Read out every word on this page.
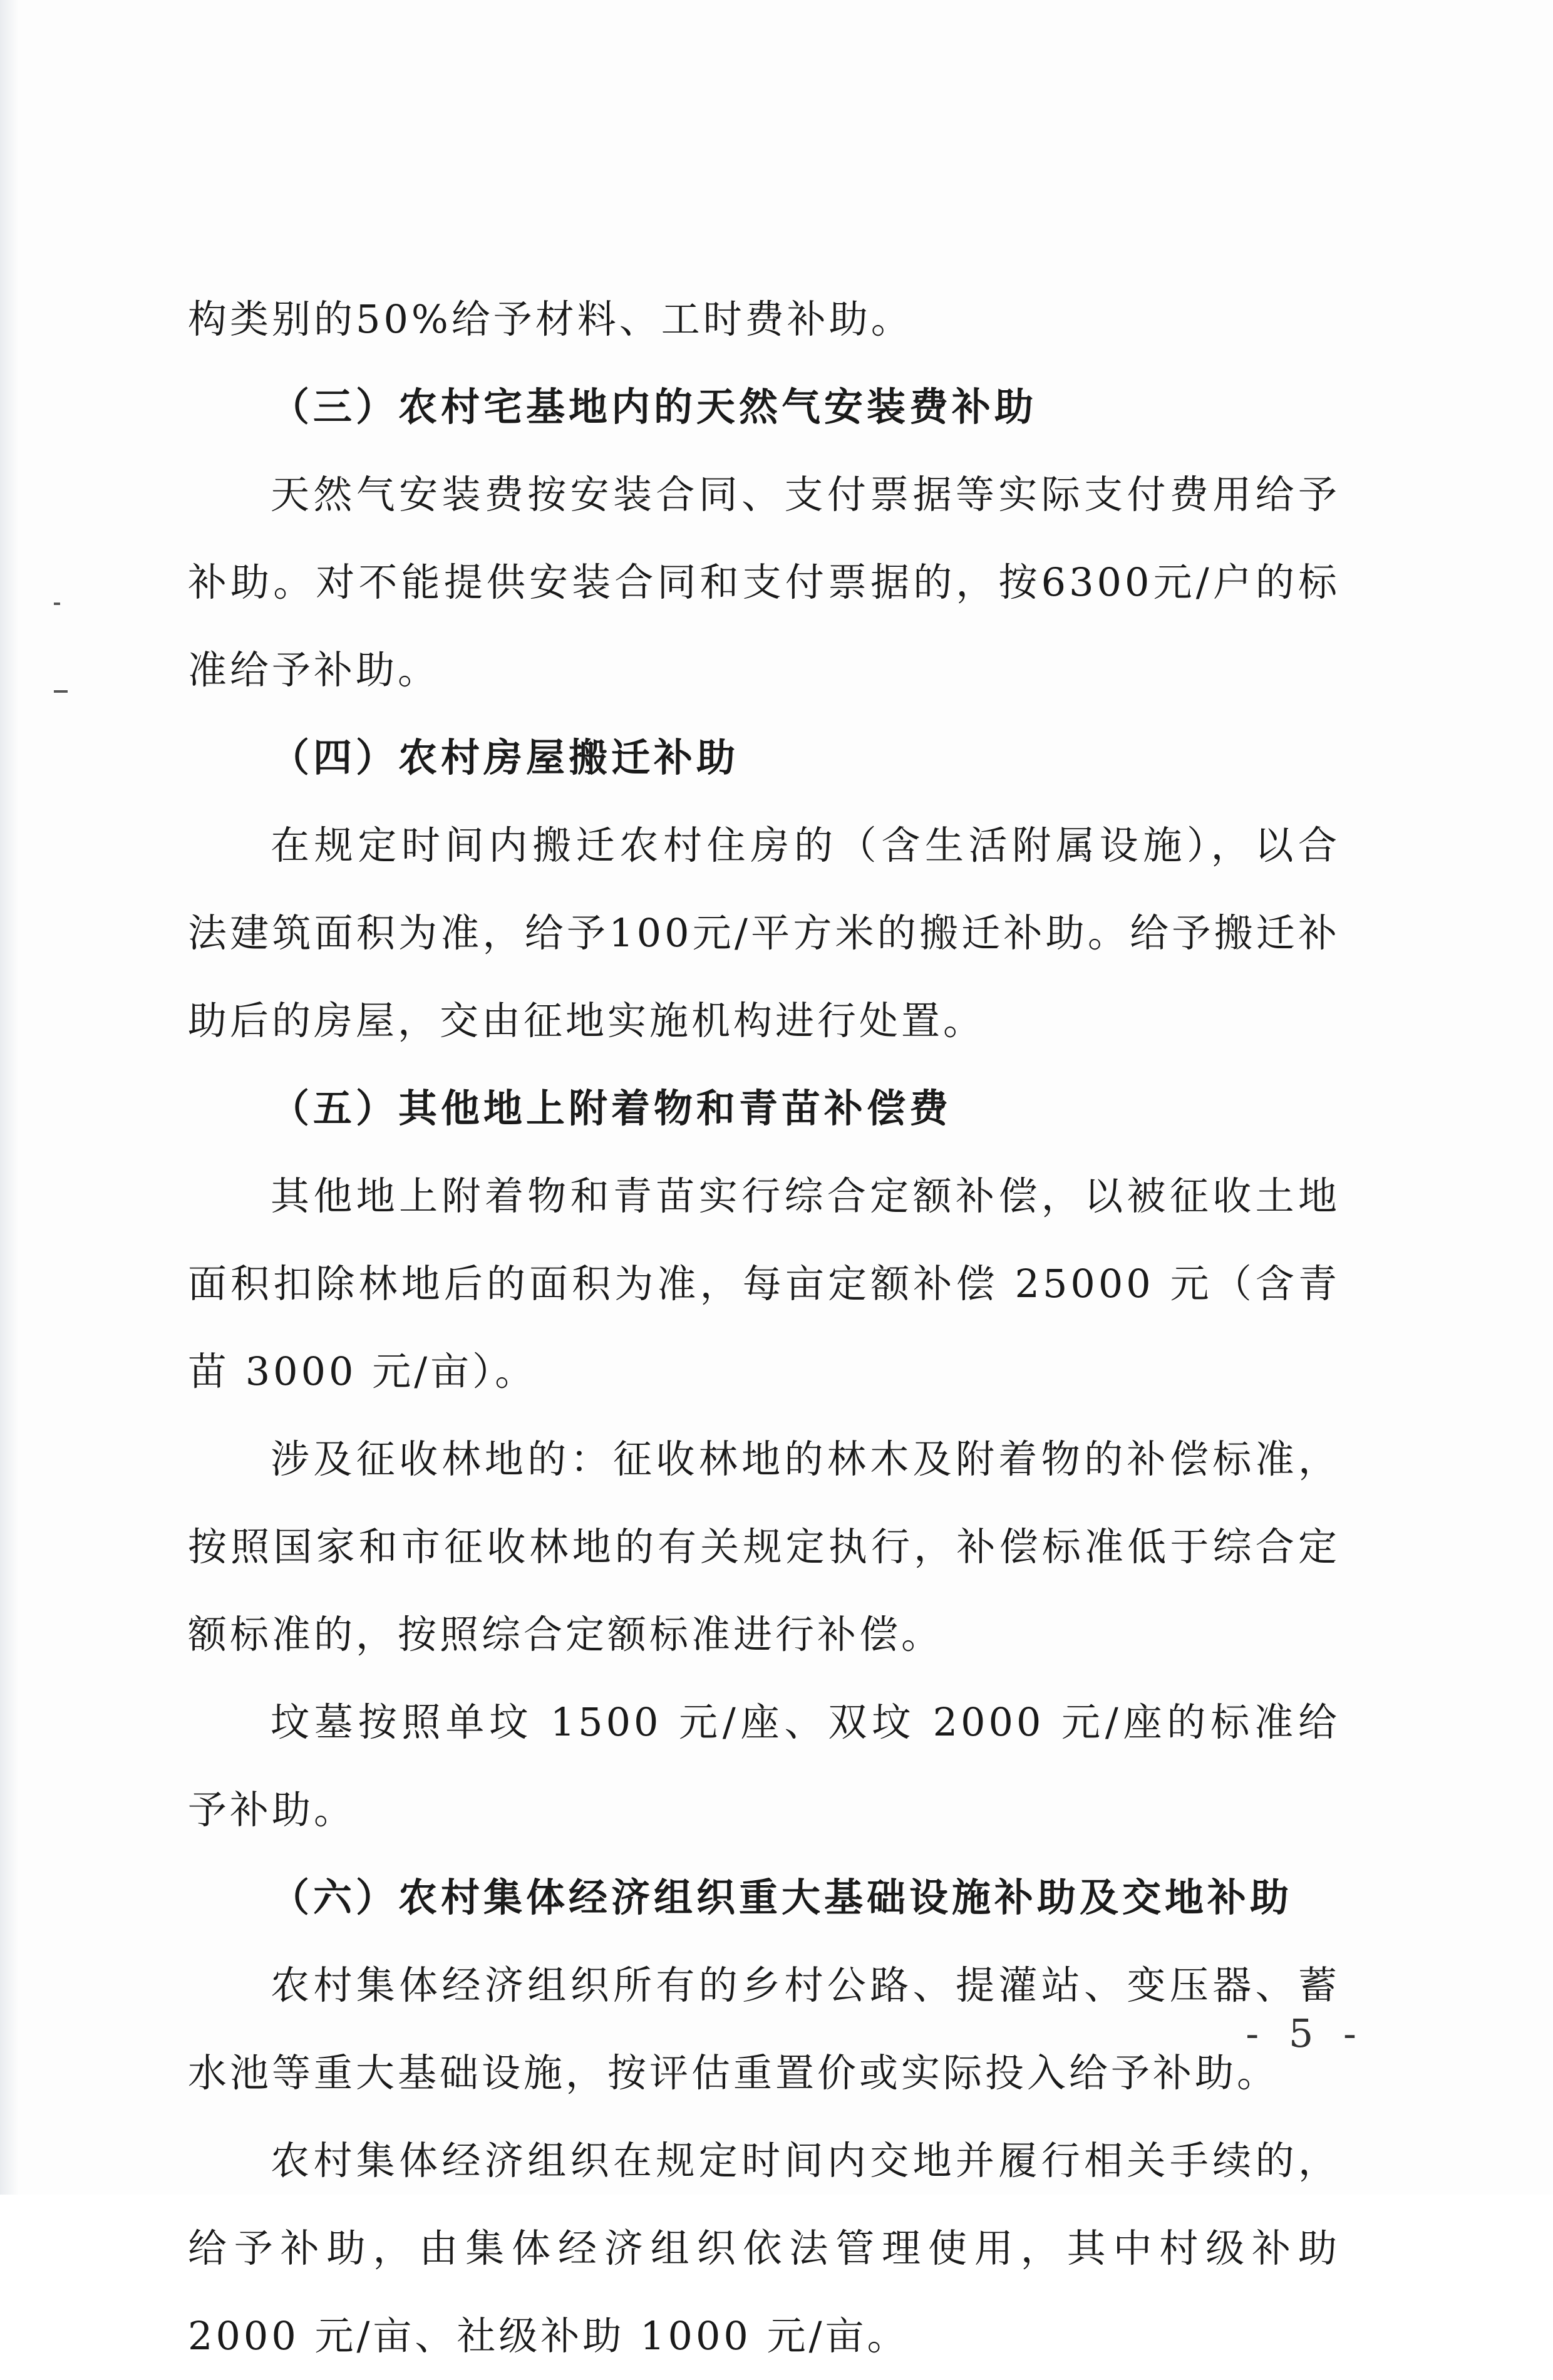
构类别的50%给予材料、工时费补助。

（三）农村宅基地内的天然气安装费补助

天然气安装费按安装合同、支付票据等实际支付费用给予补助。对不能提供安装合同和支付票据的，按6300元/户的标准给予补助。

（四）农村房屋搬迁补助

在规定时间内搬迁农村住房的（含生活附属设施），以合法建筑面积为准，给予100元/平方米的搬迁补助。给予搬迁补助后的房屋，交由征地实施机构进行处置。

（五）其他地上附着物和青苗补偿费

其他地上附着物和青苗实行综合定额补偿，以被征收土地面积扣除林地后的面积为准，每亩定额补偿 25000 元（含青苗 3000 元/亩）。

涉及征收林地的：征收林地的林木及附着物的补偿标准，按照国家和市征收林地的有关规定执行，补偿标准低于综合定额标准的，按照综合定额标准进行补偿。

坟墓按照单坟 1500 元/座、双坟 2000 元/座的标准给予补助。

（六）农村集体经济组织重大基础设施补助及交地补助

农村集体经济组织所有的乡村公路、提灌站、变压器、蓄水池等重大基础设施，按评估重置价或实际投入给予补助。

农村集体经济组织在规定时间内交地并履行相关手续的，给予补助，由集体经济组织依法管理使用，其中村级补助 2000 元/亩、社级补助 1000 元/亩。

- 5 -
